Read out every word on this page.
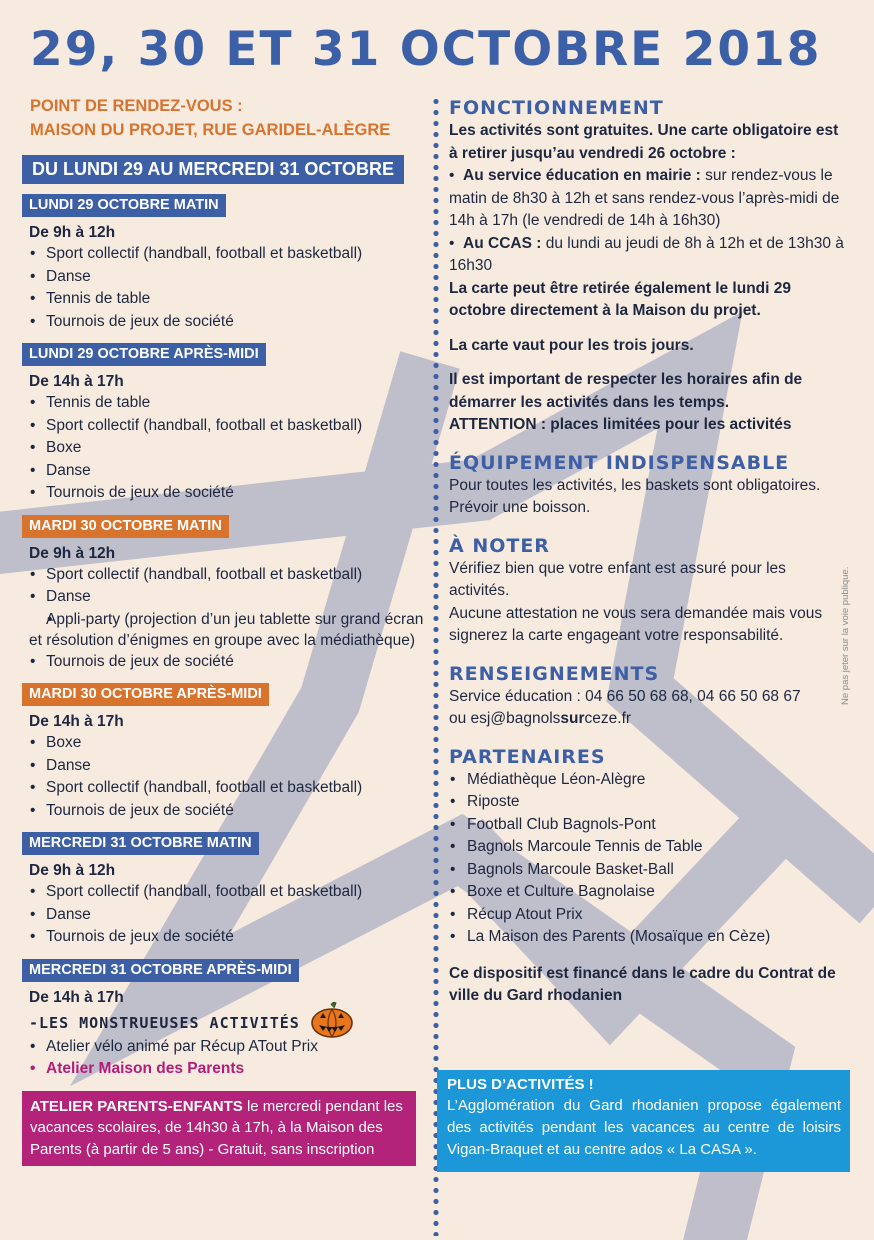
29, 30 ET 31 OCTOBRE 2018
POINT DE RENDEZ-VOUS :
MAISON DU PROJET, RUE GARIDEL-ALÈGRE
DU LUNDI 29 AU MERCREDI 31 OCTOBRE
LUNDI 29 OCTOBRE MATIN
De 9h à 12h
• Sport collectif (handball, football et basketball)
• Danse
• Tennis de table
• Tournois de jeux de société
LUNDI 29 OCTOBRE APRÈS-MIDI
De 14h à 17h
• Tennis de table
• Sport collectif (handball, football et basketball)
• Boxe
• Danse
• Tournois de jeux de société
MARDI 30 OCTOBRE MATIN
De 9h à 12h
• Sport collectif (handball, football et basketball)
• Danse
• Appli-party (projection d’un jeu tablette sur grand écran et résolution d’énigmes en groupe avec la médiathèque)
• Tournois de jeux de société
MARDI 30 OCTOBRE APRÈS-MIDI
De 14h à 17h
• Boxe
• Danse
• Sport collectif (handball, football et basketball)
• Tournois de jeux de société
MERCREDI 31 OCTOBRE MATIN
De 9h à 12h
• Sport collectif (handball, football et basketball)
• Danse
• Tournois de jeux de société
MERCREDI 31 OCTOBRE APRÈS-MIDI
De 14h à 17h
-LES MONSTRUEUSES ACTIVITÉS
• Atelier vélo animé par Récup ATout Prix
• Atelier Maison des Parents
ATELIER PARENTS-ENFANTS le mercredi pendant les vacances scolaires, de 14h30 à 17h, à la Maison des Parents (à partir de 5 ans) - Gratuit, sans inscription
FONCTIONNEMENT
Les activités sont gratuites. Une carte obligatoire est à retirer jusqu’au vendredi 26 octobre :
•  Au service éducation en mairie : sur rendez-vous le matin de 8h30 à 12h et sans rendez-vous l’après-midi de 14h à 17h (le vendredi de 14h à 16h30)
•  Au CCAS : du lundi au jeudi de 8h à 12h et de 13h30 à 16h30
La carte peut être retirée également le lundi 29 octobre directement à la Maison du projet.
La carte vaut pour les trois jours.
Il est important de respecter les horaires afin de démarrer les activités dans les temps.
ATTENTION : places limitées pour les activités
ÉQUIPEMENT INDISPENSABLE
Pour toutes les activités, les baskets sont obligatoires. Prévoir une boisson.
À NOTER
Vérifiez bien que votre enfant est assuré pour les activités.
Aucune attestation ne vous sera demandée mais vous signerez la carte engageant votre responsabilité.
RENSEIGNEMENTS
Service éducation : 04 66 50 68 68, 04 66 50 68 67
ou esj@bagnolssurceze.fr
PARTENAIRES
• Médiathèque Léon-Alègre
• Riposte
• Football Club Bagnols-Pont
• Bagnols Marcoule Tennis de Table
• Bagnols Marcoule Basket-Ball
• Boxe et Culture Bagnolaise
• Récup Atout Prix
• La Maison des Parents (Mosaïque en Cèze)
Ce dispositif est financé dans le cadre du Contrat de ville du Gard rhodanien
PLUS D’ACTIVITÉS !
L’Agglomération du Gard rhodanien propose également des activités pendant les vacances au centre de loisirs Vigan-Braquet et au centre ados « La CASA ».
Ne pas jeter sur la voie publique.
